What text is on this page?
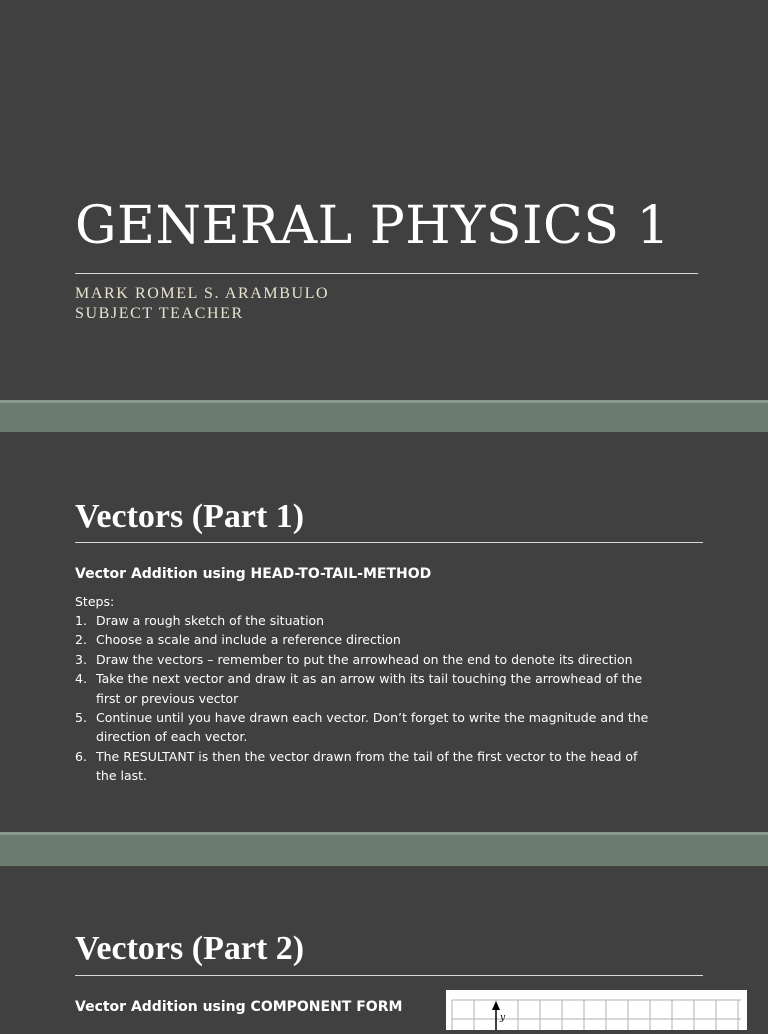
GENERAL PHYSICS 1

MARK ROMEL S. ARAMBULO

SUBJECT TEACHER

Vectors (Part 1)
Vector Addition using HEAD-TO-TAIL-METHOD

Steps:

1. Draw a rough sketch of the situation
2. Choose a scale and include a reference direction
3. Draw the vectors – remember to put the arrowhead on the end to denote its direction
4. Take the next vector and draw it as an arrow with its tail touching the arrowhead of the first or previous vector
5. Continue until you have drawn each vector. Don’t forget to write the magnitude and the direction of each vector.
6. The RESULTANT is then the vector drawn from the tail of the first vector to the head of the last.
Vectors (Part 2)
Vector Addition using COMPONENT FORM
y
